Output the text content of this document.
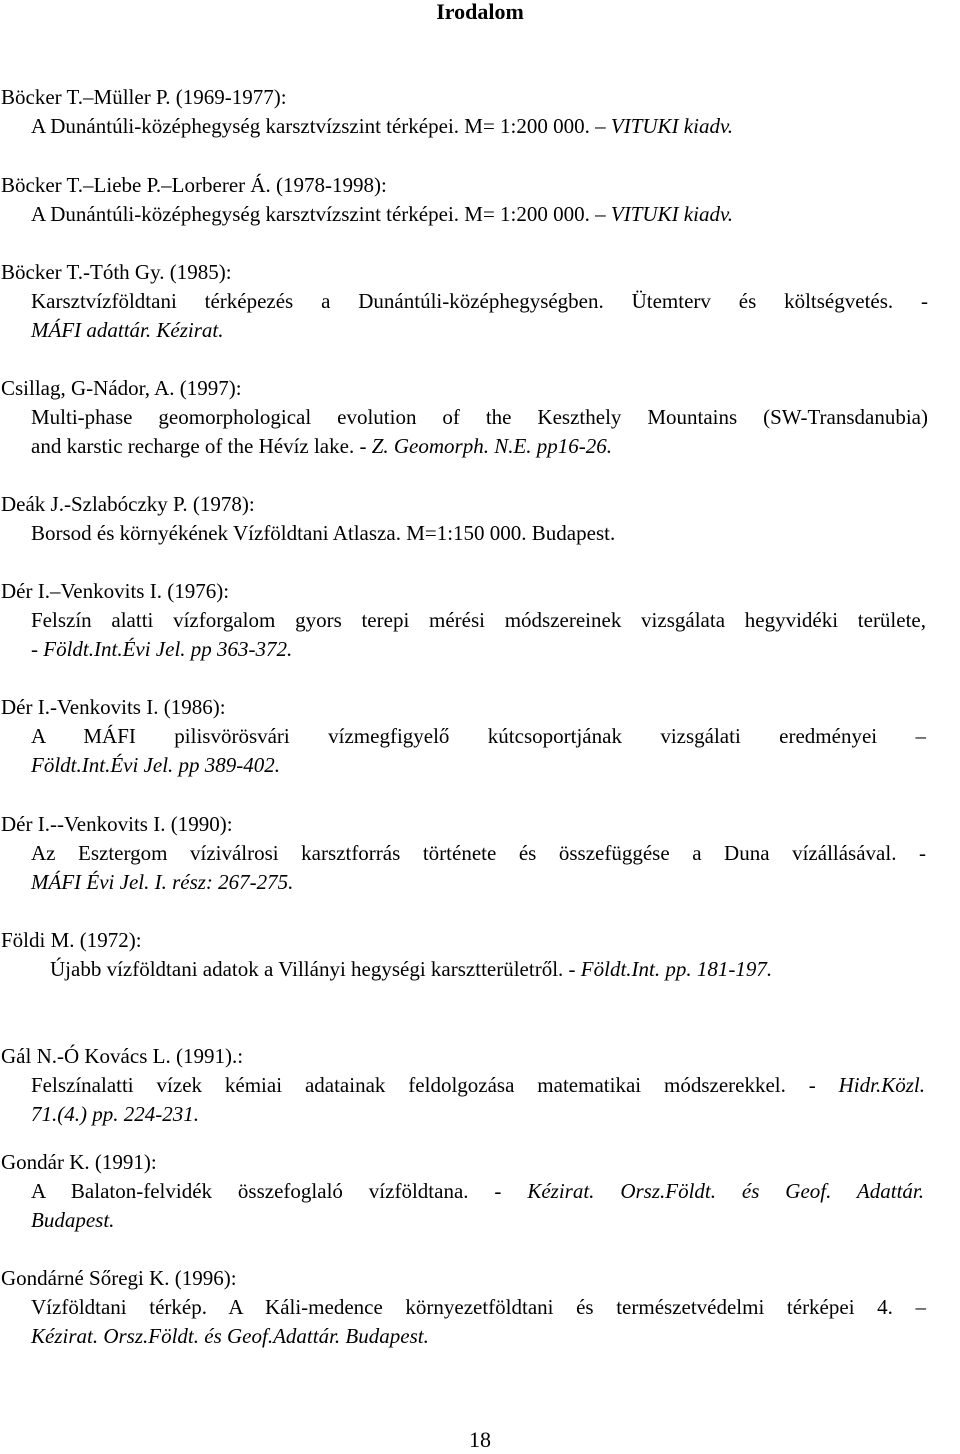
Irodalom
Böcker T.–Müller P. (1969-1977):
A Dunántúli-középhegység karsztvízszint térképei. M= 1:200 000. – VITUKI kiadv.
Böcker T.–Liebe P.–Lorberer Á. (1978-1998):
A Dunántúli-középhegység karsztvízszint térképei. M= 1:200 000. – VITUKI kiadv.
Böcker T.-Tóth Gy. (1985):
Karsztvízföldtani térképezés a Dunántúli-középhegységben. Ütemterv és költségvetés. -
MÁFI adattár. Kézirat.
Csillag, G-Nádor, A. (1997):
Multi-phase geomorphological evolution of the Keszthely Mountains (SW-Transdanubia)
and karstic recharge of the Hévíz lake. - Z. Geomorph. N.E. pp16-26.
Deák J.-Szlabóczky P. (1978):
Borsod és környékének Vízföldtani Atlasza. M=1:150 000. Budapest.
Dér I.–Venkovits I. (1976):
Felszín alatti vízforgalom gyors terepi mérési módszereinek vizsgálata hegyvidéki területe,
- Földt.Int.Évi Jel. pp 363-372.
Dér I.-Venkovits I. (1986):
A MÁFI pilisvörösvári vízmegfigyelő kútcsoportjának vizsgálati eredményei –
Földt.Int.Évi Jel. pp 389-402.
Dér I.--Venkovits I. (1990):
Az Esztergom víziválrosi karsztforrás története és összefüggése a Duna vízállásával. -
MÁFI Évi Jel. I. rész: 267-275.
Földi M. (1972):
Újabb vízföldtani adatok a Villányi hegységi karsztterületről. - Földt.Int. pp. 181-197.
Gál N.-Ó Kovács L. (1991).:
Felszínalatti vízek kémiai adatainak feldolgozása matematikai módszerekkel. - Hidr.Közl.
71.(4.) pp. 224-231.
Gondár K. (1991):
A Balaton-felvidék összefoglaló vízföldtana. - Kézirat. Orsz.Földt. és Geof. Adattár.
Budapest.
Gondárné Sőregi K. (1996):
Vízföldtani térkép. A Káli-medence környezetföldtani és természetvédelmi térképei 4. –
Kézirat. Orsz.Földt. és Geof.Adattár. Budapest.
18
